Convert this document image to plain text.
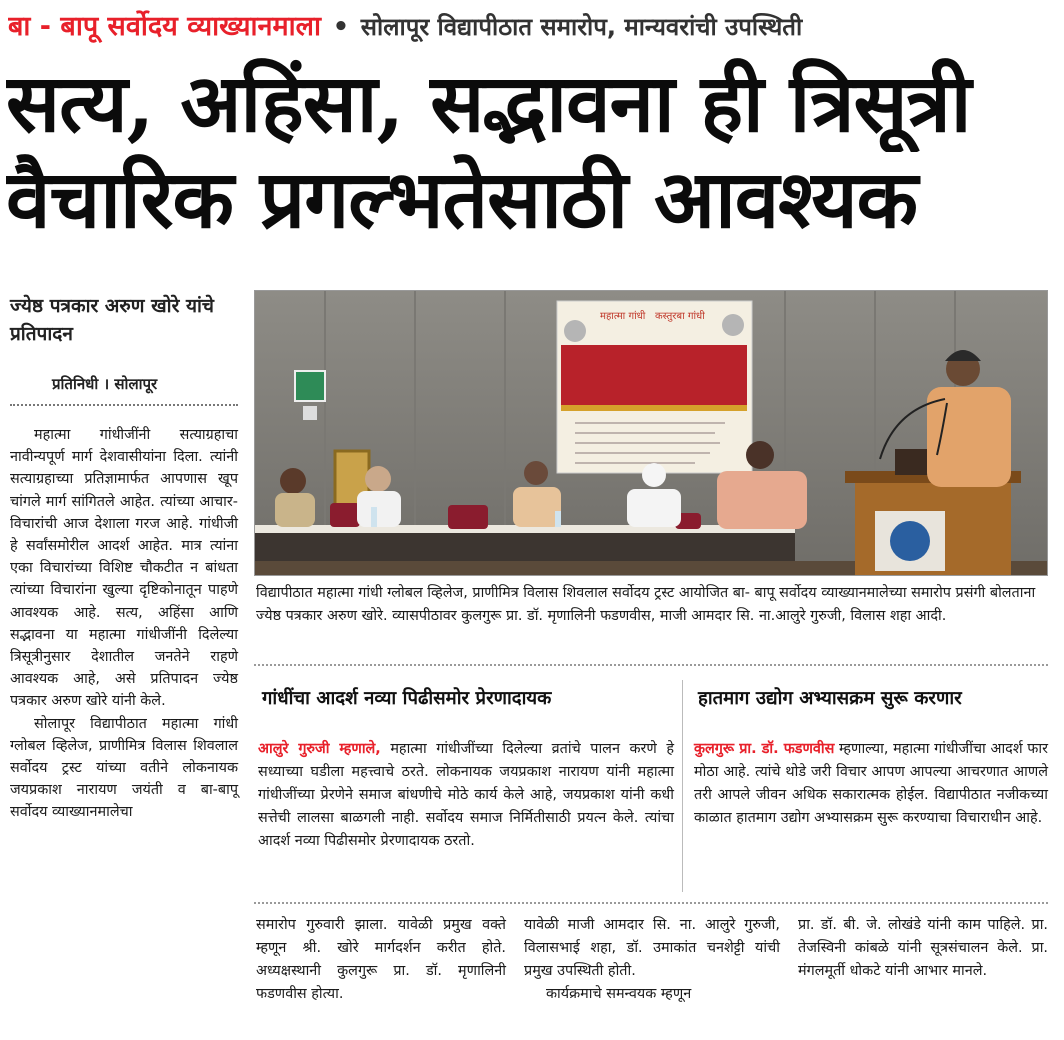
बा - बापू सर्वोदय व्याख्यानमाला • सोलापूर विद्यापीठात समारोप, मान्यवरांची उपस्थिती
सत्य, अहिंसा, सद्भावना ही त्रिसूत्री
वैचारिक प्रगल्भतेसाठी आवश्यक
ज्येष्ठ पत्रकार अरुण खोरे यांचे प्रतिपादन
प्रतिनिधी । सोलापूर

महात्मा गांधीजींनी सत्याग्रहाचा नावीन्यपूर्ण मार्ग देशवासीयांना दिला. त्यांनी सत्याग्रहाच्या प्रतिज्ञामार्फत आपणास खूप चांगले मार्ग सांगितले आहेत. त्यांच्या आचार-विचारांची आज देशाला गरज आहे. गांधीजी हे सर्वांसमोरील आदर्श आहेत. मात्र त्यांना एका विचारांच्या विशिष्ट चौकटीत न बांधता त्यांच्या विचारांना खुल्या दृष्टिकोनातून पाहणे आवश्यक आहे. सत्य, अहिंसा आणि सद्भावना या महात्मा गांधीजींनी दिलेल्या त्रिसूत्रीनुसार देशातील जनतेने राहणे आवश्यक आहे, असे प्रतिपादन ज्येष्ठ पत्रकार अरुण खोरे यांनी केले.

सोलापूर विद्यापीठात महात्मा गांधी ग्लोबल व्हिलेज, प्राणीमित्र विलास शिवलाल सर्वोदय ट्रस्ट यांच्या वतीने लोकनायक जयप्रकाश नारायण जयंती व बा-बापू सर्वोदय व्याख्यानमालेचा

महात्मा गांधी कस्तुरबा गांधी
विद्यापीठात महात्मा गांधी ग्लोबल व्हिलेज, प्राणीमित्र विलास शिवलाल सर्वोदय ट्रस्ट आयोजित बा- बापू सर्वोदय व्याख्यानमालेच्या समारोप प्रसंगी बोलताना ज्येष्ठ पत्रकार अरुण खोरे. व्यासपीठावर कुलगुरू प्रा. डॉ. मृणालिनी फडणवीस, माजी आमदार सि. ना.आलुरे गुरुजी, विलास शहा आदी.
गांधींचा आदर्श नव्या पिढीसमोर प्रेरणादायक
आलुरे गुरुजी म्हणाले, महात्मा गांधीजींच्या दिलेल्या व्रतांचे पालन करणे हे सध्याच्या घडीला महत्त्वाचे ठरते. लोकनायक जयप्रकाश नारायण यांनी महात्मा गांधीजींच्या प्रेरणेने समाज बांधणीचे मोठे कार्य केले आहे, जयप्रकाश यांनी कधी सत्तेची लालसा बाळगली नाही. सर्वोदय समाज निर्मितीसाठी प्रयत्न केले. त्यांचा आदर्श नव्या पिढीसमोर प्रेरणादायक ठरतो.
हातमाग उद्योग अभ्यासक्रम सुरू करणार
कुलगुरू प्रा. डॉ. फडणवीस म्हणाल्या, महात्मा गांधीजींचा आदर्श फार मोठा आहे. त्यांचे थोडे जरी विचार आपण आपल्या आचरणात आणले तरी आपले जीवन अधिक सकारात्मक होईल. विद्यापीठात नजीकच्या काळात हातमाग उद्योग अभ्यासक्रम सुरू करण्याचा विचाराधीन आहे.
समारोप गुरुवारी झाला. यावेळी प्रमुख वक्ते म्हणून श्री. खोरे मार्गदर्शन करीत होते. अध्यक्षस्थानी कुलगुरू प्रा. डॉ. मृणालिनी फडणवीस होत्या.
यावेळी माजी आमदार सि. ना. आलुरे गुरुजी, विलासभाई शहा, डॉ. उमाकांत चनशेट्टी यांची प्रमुख उपस्थिती होती.
कार्यक्रमाचे समन्वयक म्हणून
प्रा. डॉ. बी. जे. लोखंडे यांनी काम पाहिले. प्रा. तेजस्विनी कांबळे यांनी सूत्रसंचालन केले. प्रा. मंगलमूर्ती धोकटे यांनी आभार मानले.
